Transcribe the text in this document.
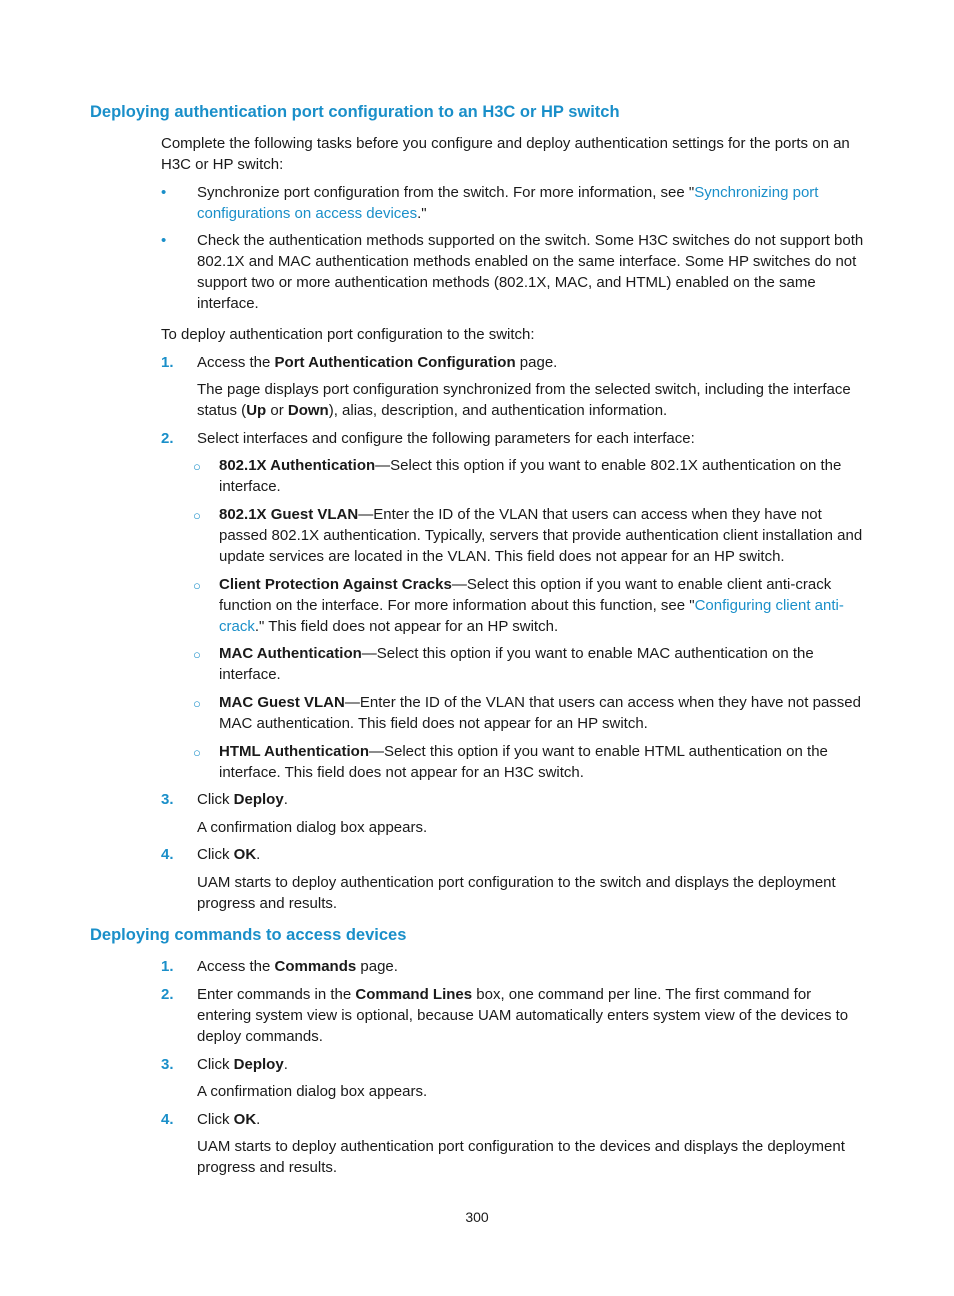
Deploying authentication port configuration to an H3C or HP switch

Complete the following tasks before you configure and deploy authentication settings for the ports on an H3C or HP switch:

• Synchronize port configuration from the switch. For more information, see "Synchronizing port configurations on access devices."

• Check the authentication methods supported on the switch. Some H3C switches do not support both 802.1X and MAC authentication methods enabled on the same interface. Some HP switches do not support two or more authentication methods (802.1X, MAC, and HTML) enabled on the same interface.

To deploy authentication port configuration to the switch:

1. Access the Port Authentication Configuration page.

The page displays port configuration synchronized from the selected switch, including the interface status (Up or Down), alias, description, and authentication information.

2. Select interfaces and configure the following parameters for each interface:

○ 802.1X Authentication—Select this option if you want to enable 802.1X authentication on the interface.

○ 802.1X Guest VLAN—Enter the ID of the VLAN that users can access when they have not passed 802.1X authentication. Typically, servers that provide authentication client installation and update services are located in the VLAN. This field does not appear for an HP switch.

○ Client Protection Against Cracks—Select this option if you want to enable client anti-crack function on the interface. For more information about this function, see "Configuring client anti-crack." This field does not appear for an HP switch.

○ MAC Authentication—Select this option if you want to enable MAC authentication on the interface.

○ MAC Guest VLAN—Enter the ID of the VLAN that users can access when they have not passed MAC authentication. This field does not appear for an HP switch.

○ HTML Authentication—Select this option if you want to enable HTML authentication on the interface. This field does not appear for an H3C switch.

3. Click Deploy.

A confirmation dialog box appears.

4. Click OK.

UAM starts to deploy authentication port configuration to the switch and displays the deployment progress and results.

Deploying commands to access devices
1. Access the Commands page.

2. Enter commands in the Command Lines box, one command per line. The first command for entering system view is optional, because UAM automatically enters system view of the devices to deploy commands.

3. Click Deploy.

A confirmation dialog box appears.

4. Click OK.

UAM starts to deploy authentication port configuration to the devices and displays the deployment progress and results.

300
